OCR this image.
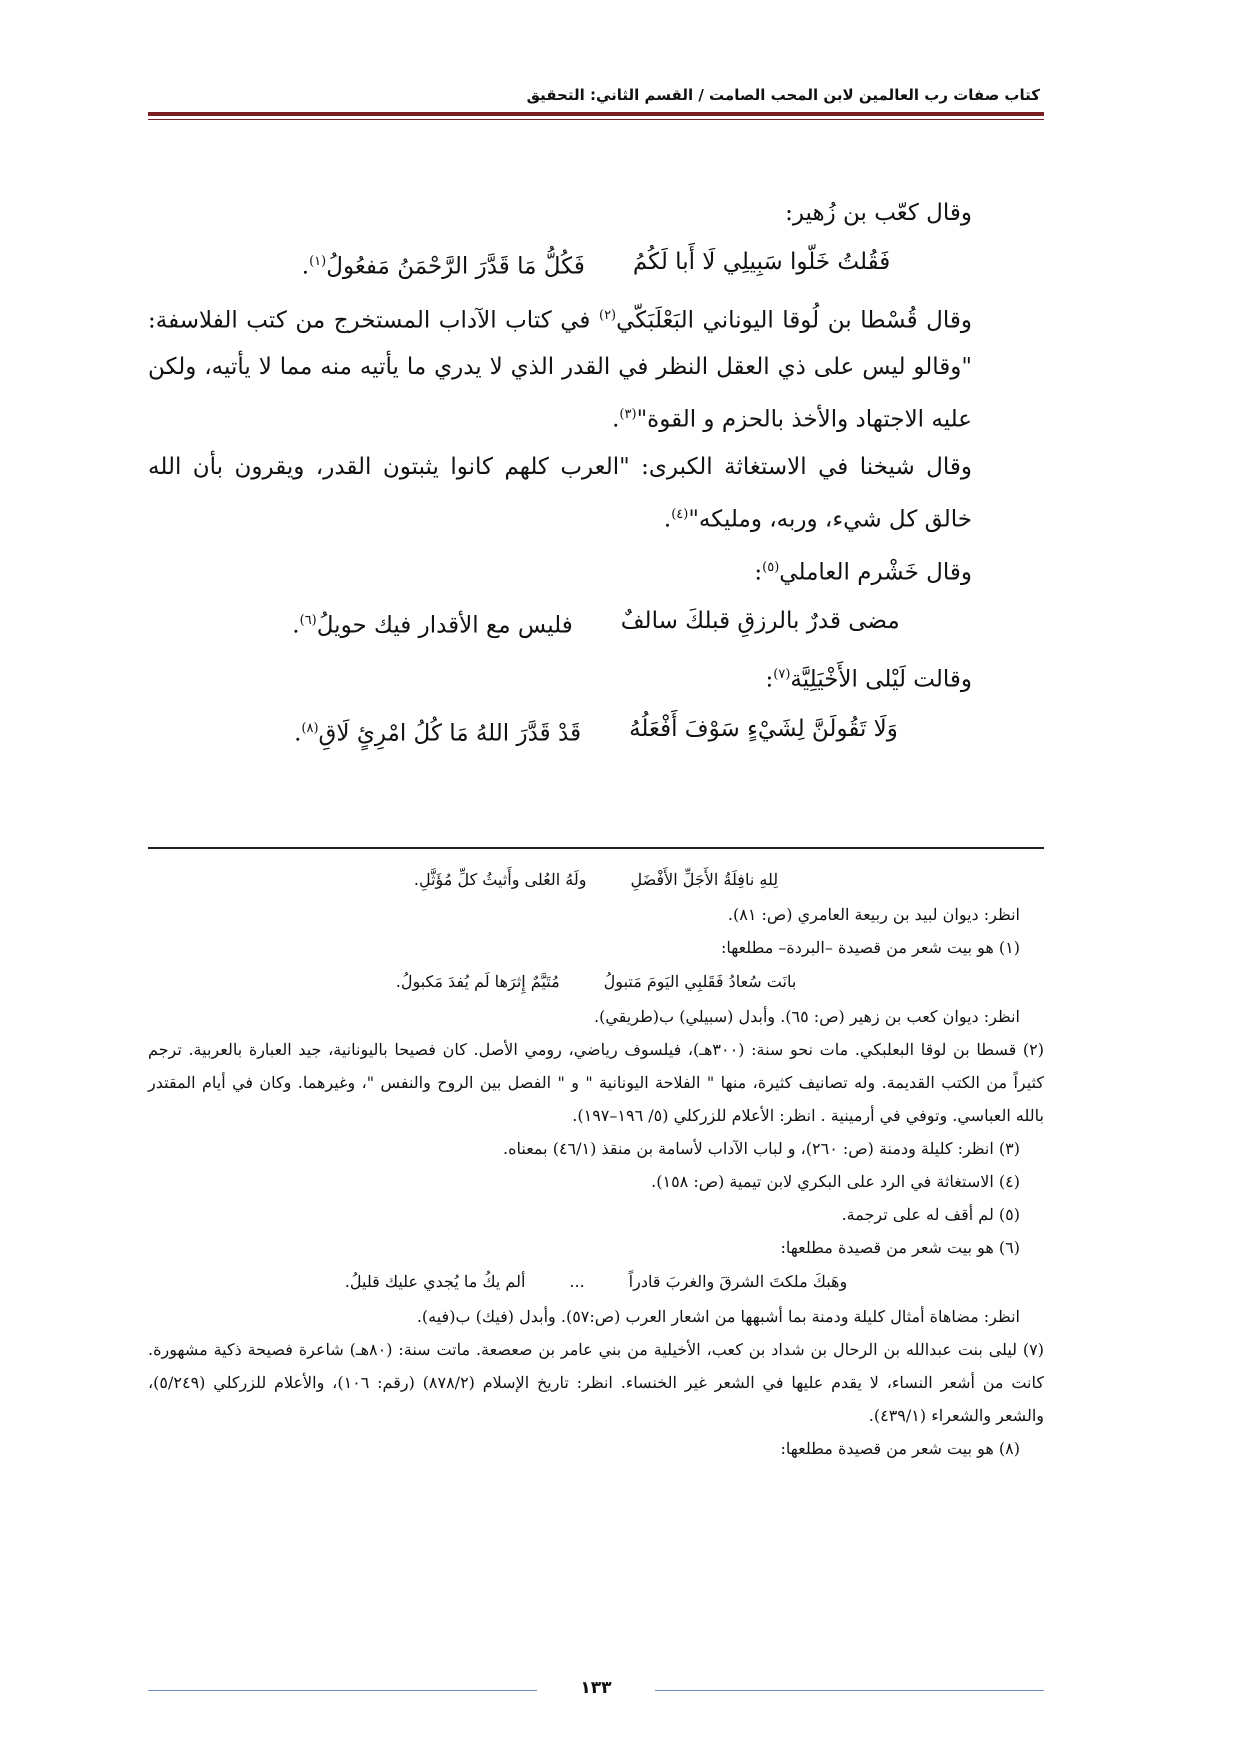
كتاب صفات رب العالمين لابن المحب الصامت / القسم الثاني: التحقيق

وقال كعّب بن زُهير:

فَقُلتُ خَلّوا سَبِيلِي لَا أَبا لَكُمُ
فَكُلُّ مَا قَدَّرَ الرَّحْمَنُ مَفعُولُ$^{(١)}$.

وقال قُسْطا بن لُوقا اليوناني البَعْلَبَكّي$^{(٢)}$ في كتاب الآداب المستخرج من كتب الفلاسفة: "وقالو ليس على ذي العقل النظر في القدر الذي لا يدري ما يأتيه منه مما لا يأتيه، ولكن عليه الاجتهاد والأخذ بالحزم و القوة"$^{(٣)}$.

وقال شيخنا في الاستغاثة الكبرى: "العرب كلهم كانوا يثبتون القدر، ويقرون بأن الله خالق كل شيء، وربه، ومليكه"$^{(٤)}$.

وقال خَشْرم العاملي$^{(٥)}$:

مضى قدرٌ بالرزقِ قبلكَ سالفٌ
فليس مع الأقدار فيك حويلُ$^{(٦)}$.

وقالت لَيْلى الأَخْيَلِيَّة$^{(٧)}$:

وَلَا تَقُولَنَّ لِشَيْءٍ سَوْفَ أَفْعَلُهُ
قَدْ قَدَّرَ اللهُ مَا كُلُ امْرِئٍ لَاقِ$^{(٨)}$.
لِلهِ نافِلَةُ الأَجَلِّ الأَفْضَلِ
ولَهُ العُلى وأَثيثُ كلِّ مُؤَثَّلِ.

انظر: ديوان لبيد بن ربيعة العامري (ص: ٨١).

(١) هو بيت شعر من قصيدة –البردة– مطلعها:

بانَت سُعادُ فَقَلبِي اليَومَ مَتبولُ
مُتَيَّمٌ إِثرَها لَم يُفدَ مَكبولُ.

انظر: ديوان كعب بن زهير (ص: ٦٥). وأبدل (سبيلي) ب(طريقي).

(٢) قسطا بن لوقا البعلبكي. مات نحو سنة: (٣٠٠هـ)، فيلسوف رياضي، رومي الأصل. كان فصيحا باليونانية، جيد العبارة بالعربية. ترجم كثيراً من الكتب القديمة. وله تصانيف كثيرة، منها " الفلاحة اليونانية " و " الفصل بين الروح والنفس "، وغيرهما. وكان في أيام المقتدر بالله العباسي. وتوفي في أرمينية . انظر: الأعلام للزركلي (٥/ ١٩٦–١٩٧).

(٣) انظر: كليلة ودمنة (ص: ٢٦٠)، و لباب الآداب لأسامة بن منقذ (٤٦/١) بمعناه.

(٤) الاستغاثة في الرد على البكري لابن تيمية (ص: ١٥٨).

(٥) لم أقف له على ترجمة.

(٦) هو بيت شعر من قصيدة مطلعها:

وهَبكَ ملكتَ الشرقَ والغربَ قادراً
...
ألم يكُ ما يُجدي عليك قليلُ.

انظر: مضاهاة أمثال كليلة ودمنة بما أشبهها من اشعار العرب (ص:٥٧). وأبدل (فيك) ب(فيه).

(٧) ليلى بنت عبدالله بن الرحال بن شداد بن كعب، الأخيلية من بني عامر بن صعصعة. ماتت سنة: (٨٠هـ) شاعرة فصيحة ذكية مشهورة. كانت من أشعر النساء، لا يقدم عليها في الشعر غير الخنساء. انظر: تاريخ الإسلام (٨٧٨/٢) (رقم: ١٠٦)، والأعلام للزركلي (٥/٢٤٩)، والشعر والشعراء (٤٣٩/١).

(٨) هو بيت شعر من قصيدة مطلعها:

١٣٣
